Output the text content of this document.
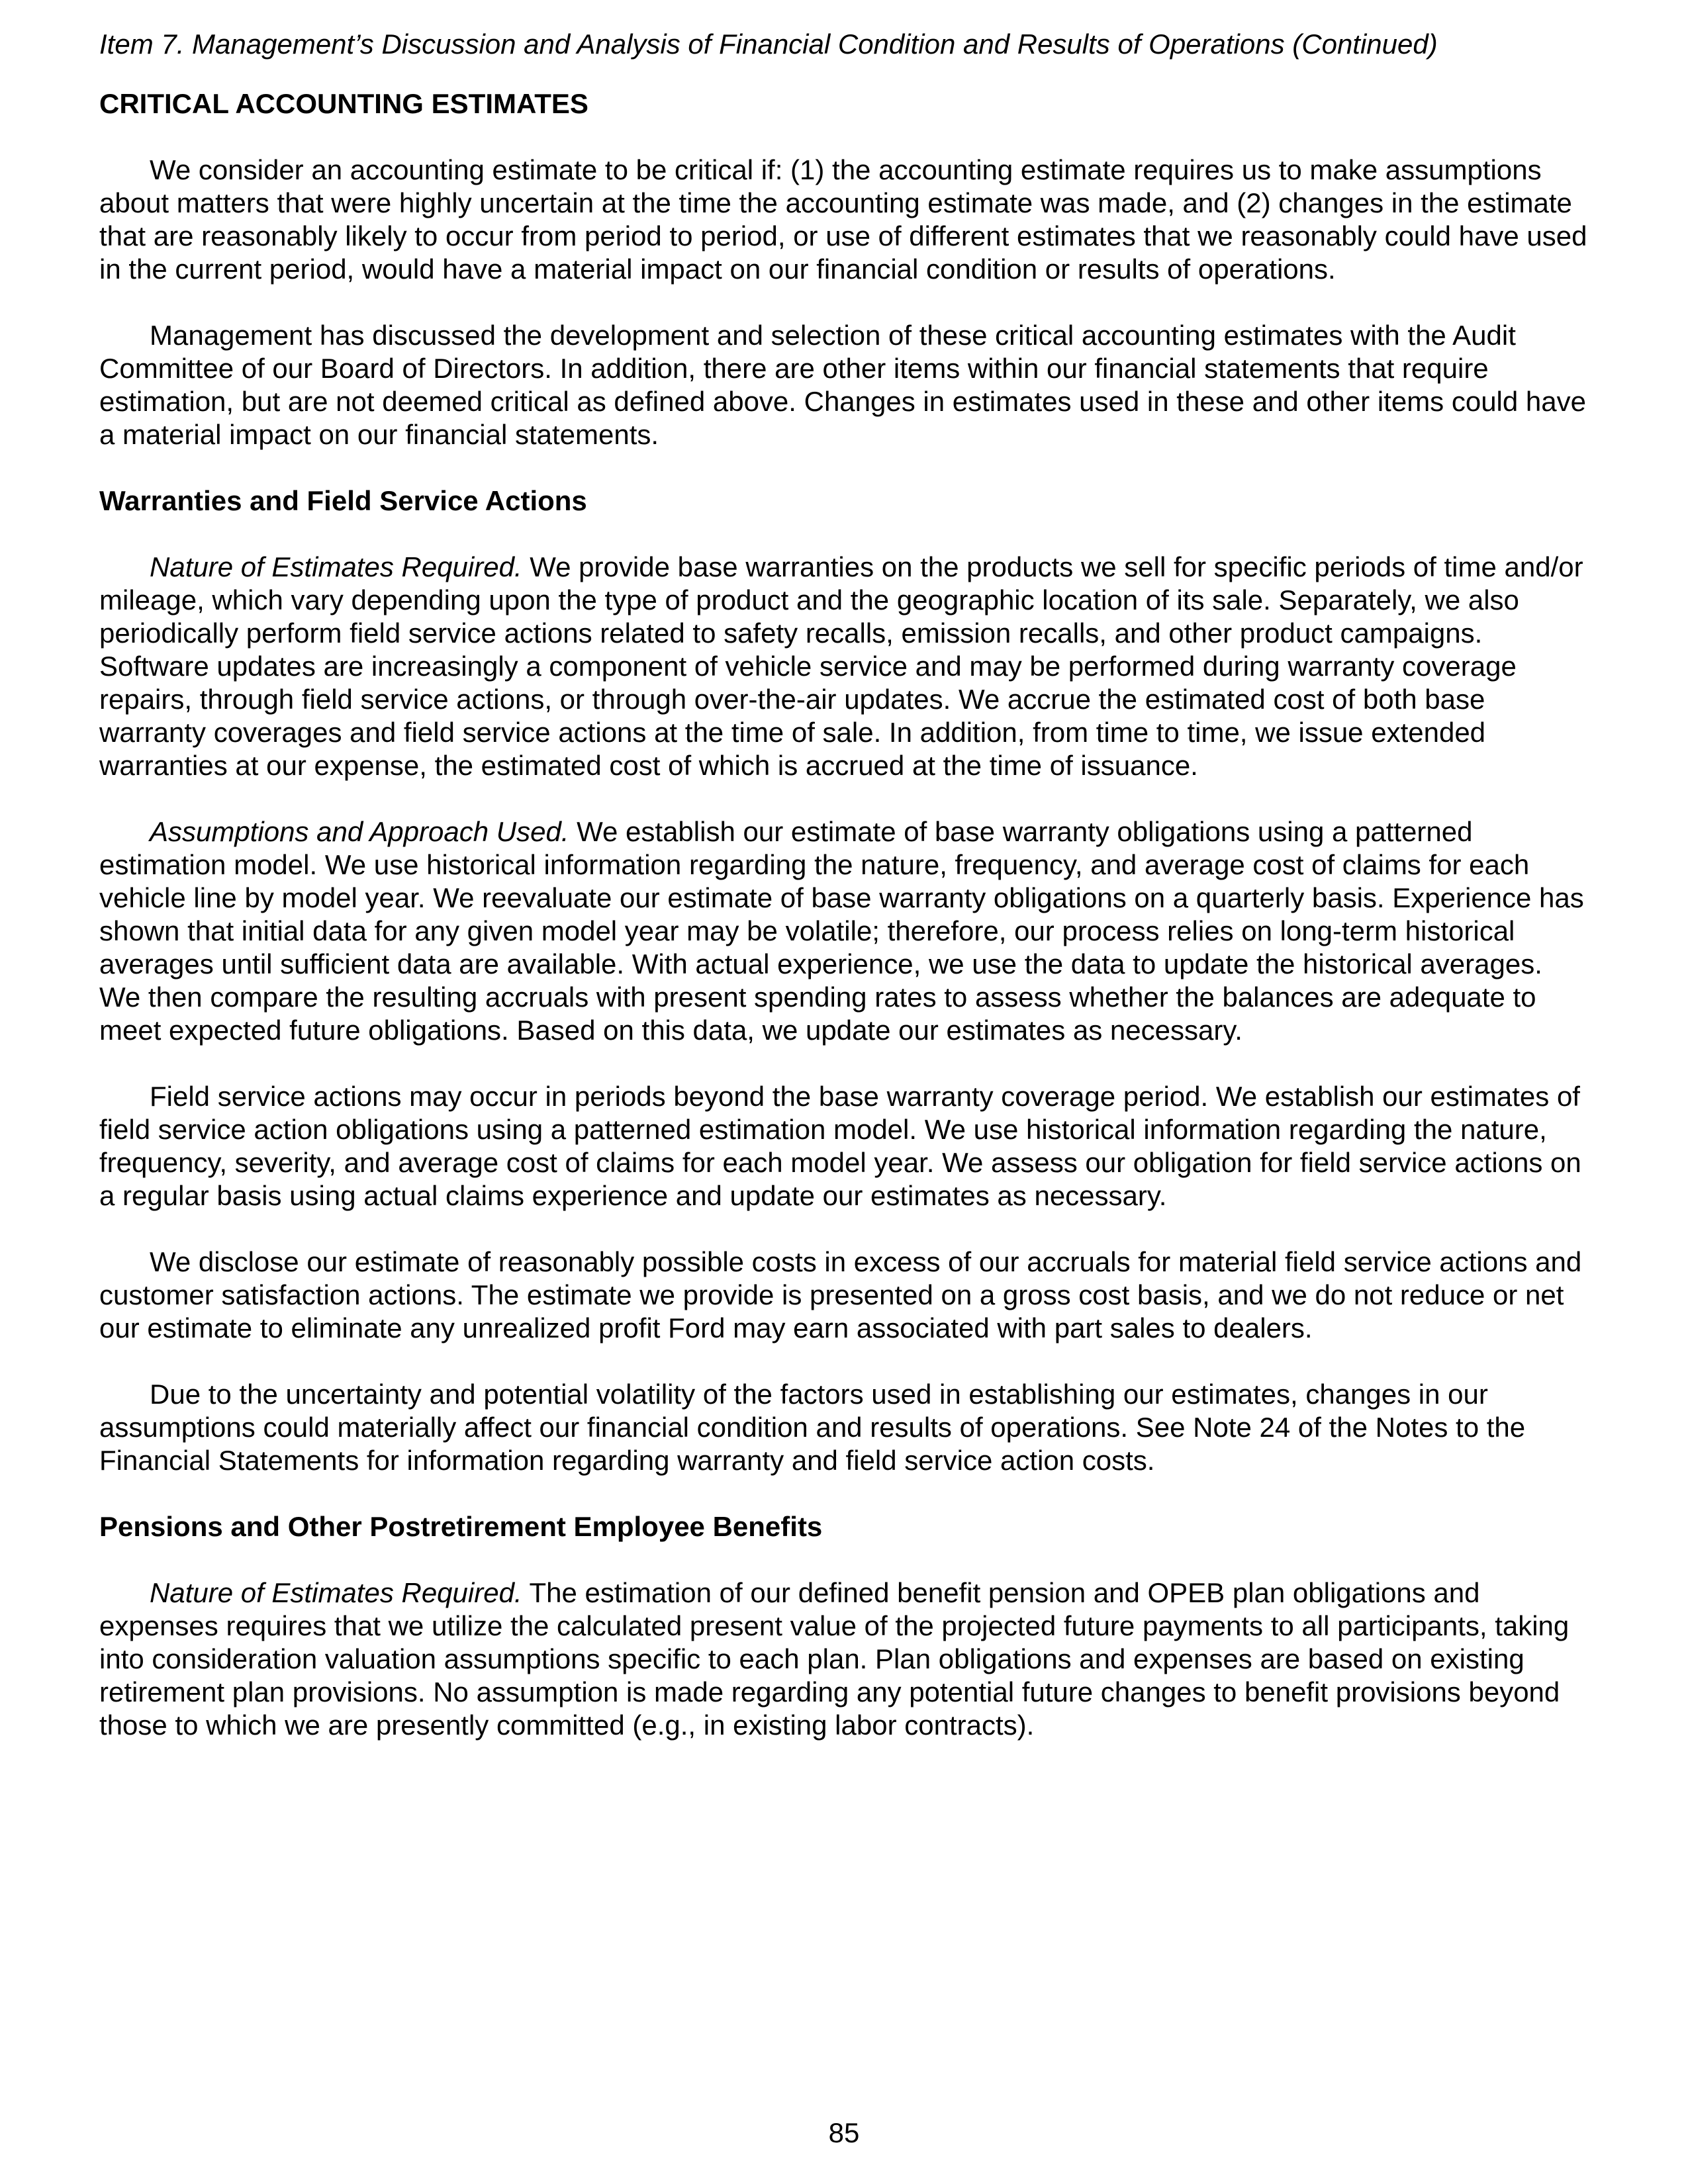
Item 7. Management’s Discussion and Analysis of Financial Condition and Results of Operations (Continued)
CRITICAL ACCOUNTING ESTIMATES

We consider an accounting estimate to be critical if: (1) the accounting estimate requires us to make assumptions about matters that were highly uncertain at the time the accounting estimate was made, and (2) changes in the estimate that are reasonably likely to occur from period to period, or use of different estimates that we reasonably could have used in the current period, would have a material impact on our financial condition or results of operations.

Management has discussed the development and selection of these critical accounting estimates with the Audit Committee of our Board of Directors. In addition, there are other items within our financial statements that require estimation, but are not deemed critical as defined above. Changes in estimates used in these and other items could have a material impact on our financial statements.

Warranties and Field Service Actions

Nature of Estimates Required. We provide base warranties on the products we sell for specific periods of time and/or mileage, which vary depending upon the type of product and the geographic location of its sale. Separately, we also periodically perform field service actions related to safety recalls, emission recalls, and other product campaigns. Software updates are increasingly a component of vehicle service and may be performed during warranty coverage repairs, through field service actions, or through over-the-air updates. We accrue the estimated cost of both base warranty coverages and field service actions at the time of sale. In addition, from time to time, we issue extended warranties at our expense, the estimated cost of which is accrued at the time of issuance.

Assumptions and Approach Used. We establish our estimate of base warranty obligations using a patterned estimation model. We use historical information regarding the nature, frequency, and average cost of claims for each vehicle line by model year. We reevaluate our estimate of base warranty obligations on a quarterly basis. Experience has shown that initial data for any given model year may be volatile; therefore, our process relies on long-term historical averages until sufficient data are available. With actual experience, we use the data to update the historical averages. We then compare the resulting accruals with present spending rates to assess whether the balances are adequate to meet expected future obligations. Based on this data, we update our estimates as necessary.

Field service actions may occur in periods beyond the base warranty coverage period. We establish our estimates of field service action obligations using a patterned estimation model. We use historical information regarding the nature, frequency, severity, and average cost of claims for each model year. We assess our obligation for field service actions on a regular basis using actual claims experience and update our estimates as necessary.

We disclose our estimate of reasonably possible costs in excess of our accruals for material field service actions and customer satisfaction actions. The estimate we provide is presented on a gross cost basis, and we do not reduce or net our estimate to eliminate any unrealized profit Ford may earn associated with part sales to dealers.

Due to the uncertainty and potential volatility of the factors used in establishing our estimates, changes in our assumptions could materially affect our financial condition and results of operations. See Note 24 of the Notes to the Financial Statements for information regarding warranty and field service action costs.

Pensions and Other Postretirement Employee Benefits

Nature of Estimates Required. The estimation of our defined benefit pension and OPEB plan obligations and expenses requires that we utilize the calculated present value of the projected future payments to all participants, taking into consideration valuation assumptions specific to each plan. Plan obligations and expenses are based on existing retirement plan provisions. No assumption is made regarding any potential future changes to benefit provisions beyond those to which we are presently committed (e.g., in existing labor contracts).

85
